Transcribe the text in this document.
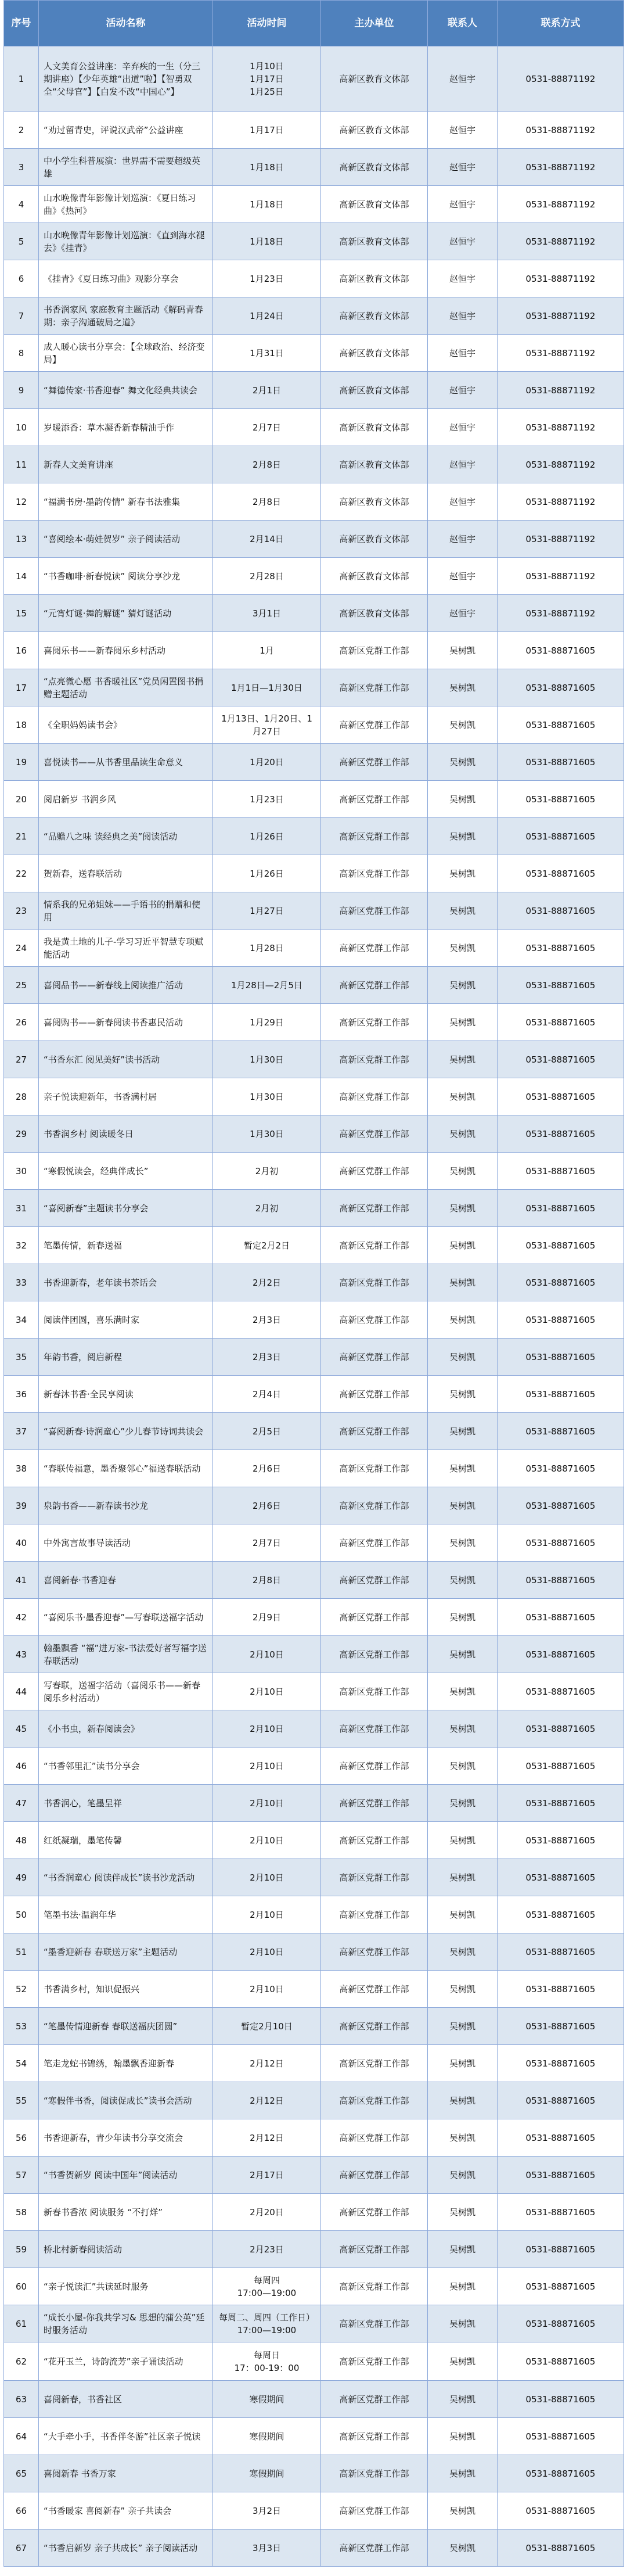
序号	活动名称	活动时间	主办单位	联系人	联系方式
1	人文美育公益讲座：辛弃疾的一生（分三期讲座）【少年英雄“出道”啦】【智勇双全“父母官”】【白发不改“中国心”】	1月10日
1月17日
1月25日	高新区教育文体部	赵恒宇	0531-88871192
2	“劝过留青史，评说汉武帝”公益讲座	1月17日	高新区教育文体部	赵恒宇	0531-88871192
3	中小学生科普展演：世界需不需要超级英雄	1月18日	高新区教育文体部	赵恒宇	0531-88871192
4	山水晚像青年影像计划巡演：《夏日练习曲》《热河》	1月18日	高新区教育文体部	赵恒宇	0531-88871192
5	山水晚像青年影像计划巡演：《直到海水褪去》《挂青》	1月18日	高新区教育文体部	赵恒宇	0531-88871192
6	《挂青》《夏日练习曲》观影分享会	1月23日	高新区教育文体部	赵恒宇	0531-88871192
7	书香润家风 家庭教育主题活动《解码青春期：亲子沟通破局之道》	1月24日	高新区教育文体部	赵恒宇	0531-88871192
8	成人暖心读书分享会：【全球政治、经济变局】	1月31日	高新区教育文体部	赵恒宇	0531-88871192
9	“舞德传家·书香迎春” 舞文化经典共读会	2月1日	高新区教育文体部	赵恒宇	0531-88871192
10	岁暖添香：草木凝香新春精油手作	2月7日	高新区教育文体部	赵恒宇	0531-88871192
11	新春人文美育讲座	2月8日	高新区教育文体部	赵恒宇	0531-88871192
12	“福满书房·墨韵传情” 新春书法雅集	2月8日	高新区教育文体部	赵恒宇	0531-88871192
13	“喜阅绘本·萌娃贺岁” 亲子阅读活动	2月14日	高新区教育文体部	赵恒宇	0531-88871192
14	“书香咖啡·新春悦读” 阅读分享沙龙	2月28日	高新区教育文体部	赵恒宇	0531-88871192
15	“元宵灯谜·舞韵解谜” 猜灯谜活动	3月1日	高新区教育文体部	赵恒宇	0531-88871192
16	喜阅乐书——新春阅乐乡村活动	1月	高新区党群工作部	吴树凯	0531-88871605
17	“点亮微心愿 书香暖社区”党员闲置图书捐赠主题活动	1月1日—1月30日	高新区党群工作部	吴树凯	0531-88871605
18	《全职妈妈读书会》	1月13日、1月20日、1月27日	高新区党群工作部	吴树凯	0531-88871605
19	喜悦读书——从书香里品读生命意义	1月20日	高新区党群工作部	吴树凯	0531-88871605
20	阅启新岁 书润乡风	1月23日	高新区党群工作部	吴树凯	0531-88871605
21	“品赡八之味 读经典之美”阅读活动	1月26日	高新区党群工作部	吴树凯	0531-88871605
22	贺新春，送春联活动	1月26日	高新区党群工作部	吴树凯	0531-88871605
23	情系我的兄弟姐妹——手语书的捐赠和使用	1月27日	高新区党群工作部	吴树凯	0531-88871605
24	我是黄土地的儿子-学习习近平智慧专项赋能活动	1月28日	高新区党群工作部	吴树凯	0531-88871605
25	喜阅品书——新春线上阅读推广活动	1月28日—2月5日	高新区党群工作部	吴树凯	0531-88871605
26	喜阅购书——新春阅读书香惠民活动	1月29日	高新区党群工作部	吴树凯	0531-88871605
27	“书香东汇 阅见美好”读书活动	1月30日	高新区党群工作部	吴树凯	0531-88871605
28	亲子悦读迎新年，书香满村居	1月30日	高新区党群工作部	吴树凯	0531-88871605
29	书香润乡村 阅读暖冬日	1月30日	高新区党群工作部	吴树凯	0531-88871605
30	“寒假悦读会，经典伴成长”	2月初	高新区党群工作部	吴树凯	0531-88871605
31	“喜阅新春”主题读书分享会	2月初	高新区党群工作部	吴树凯	0531-88871605
32	笔墨传情，新春送福	暂定2月2日	高新区党群工作部	吴树凯	0531-88871605
33	书香迎新春，老年读书茶话会	2月2日	高新区党群工作部	吴树凯	0531-88871605
34	阅读伴团圆，喜乐满时家	2月3日	高新区党群工作部	吴树凯	0531-88871605
35	年韵书香，阅启新程	2月3日	高新区党群工作部	吴树凯	0531-88871605
36	新春沐书香·全民享阅读	2月4日	高新区党群工作部	吴树凯	0531-88871605
37	“喜阅新春·诗润童心”少儿春节诗词共读会	2月5日	高新区党群工作部	吴树凯	0531-88871605
38	“春联传福意，墨香聚邻心”福送春联活动	2月6日	高新区党群工作部	吴树凯	0531-88871605
39	泉韵书香——新春读书沙龙	2月6日	高新区党群工作部	吴树凯	0531-88871605
40	中外寓言故事导读活动	2月7日	高新区党群工作部	吴树凯	0531-88871605
41	喜阅新春·书香迎春	2月8日	高新区党群工作部	吴树凯	0531-88871605
42	“喜阅乐书·墨香迎春”—写春联送福字活动	2月9日	高新区党群工作部	吴树凯	0531-88871605
43	翰墨飘香 “福”进万家-书法爱好者写福字送春联活动	2月10日	高新区党群工作部	吴树凯	0531-88871605
44	写春联，送福字活动（喜阅乐书——新春阅乐乡村活动）	2月10日	高新区党群工作部	吴树凯	0531-88871605
45	《小书虫，新春阅读会》	2月10日	高新区党群工作部	吴树凯	0531-88871605
46	“书香邻里汇”读书分享会	2月10日	高新区党群工作部	吴树凯	0531-88871605
47	书香润心，笔墨呈祥	2月10日	高新区党群工作部	吴树凯	0531-88871605
48	红纸凝瑞，墨笔传馨	2月10日	高新区党群工作部	吴树凯	0531-88871605
49	“书香润童心 阅读伴成长”读书沙龙活动	2月10日	高新区党群工作部	吴树凯	0531-88871605
50	笔墨书法·温润年华	2月10日	高新区党群工作部	吴树凯	0531-88871605
51	“墨香迎新春 春联送万家”主题活动	2月10日	高新区党群工作部	吴树凯	0531-88871605
52	书香满乡村，知识促振兴	2月10日	高新区党群工作部	吴树凯	0531-88871605
53	“笔墨传情迎新春 春联送福庆团圆”	暂定2月10日	高新区党群工作部	吴树凯	0531-88871605
54	笔走龙蛇书锦绣，翰墨飘香迎新春	2月12日	高新区党群工作部	吴树凯	0531-88871605
55	“寒假伴书香，阅读促成长”读书会活动	2月12日	高新区党群工作部	吴树凯	0531-88871605
56	书香迎新春，青少年读书分享交流会	2月12日	高新区党群工作部	吴树凯	0531-88871605
57	“书香贺新岁 阅读中国年”阅读活动	2月17日	高新区党群工作部	吴树凯	0531-88871605
58	新春书香浓 阅读服务 “不打烊”	2月20日	高新区党群工作部	吴树凯	0531-88871605
59	桥北村新春阅读活动	2月23日	高新区党群工作部	吴树凯	0531-88871605
60	“亲子悦读汇”共读延时服务	每周四
17:00—19:00	高新区党群工作部	吴树凯	0531-88871605
61	“成长小屋-你我共学习& 思想的蒲公英”延时服务活动	每周二、周四（工作日）
17:00—19:00	高新区党群工作部	吴树凯	0531-88871605
62	“花开玉兰，诗韵流芳”亲子诵读活动	每周日
17：00-19：00	高新区党群工作部	吴树凯	0531-88871605
63	喜阅新春，书香社区	寒假期间	高新区党群工作部	吴树凯	0531-88871605
64	“大手牵小手，书香伴冬游”社区亲子悦读	寒假期间	高新区党群工作部	吴树凯	0531-88871605
65	喜阅新春 书香万家	寒假期间	高新区党群工作部	吴树凯	0531-88871605
66	“书香暖家 喜阅新春” 亲子共读会	3月2日	高新区党群工作部	吴树凯	0531-88871605
67	“书香启新岁 亲子共成长” 亲子阅读活动	3月3日	高新区党群工作部	吴树凯	0531-88871605
